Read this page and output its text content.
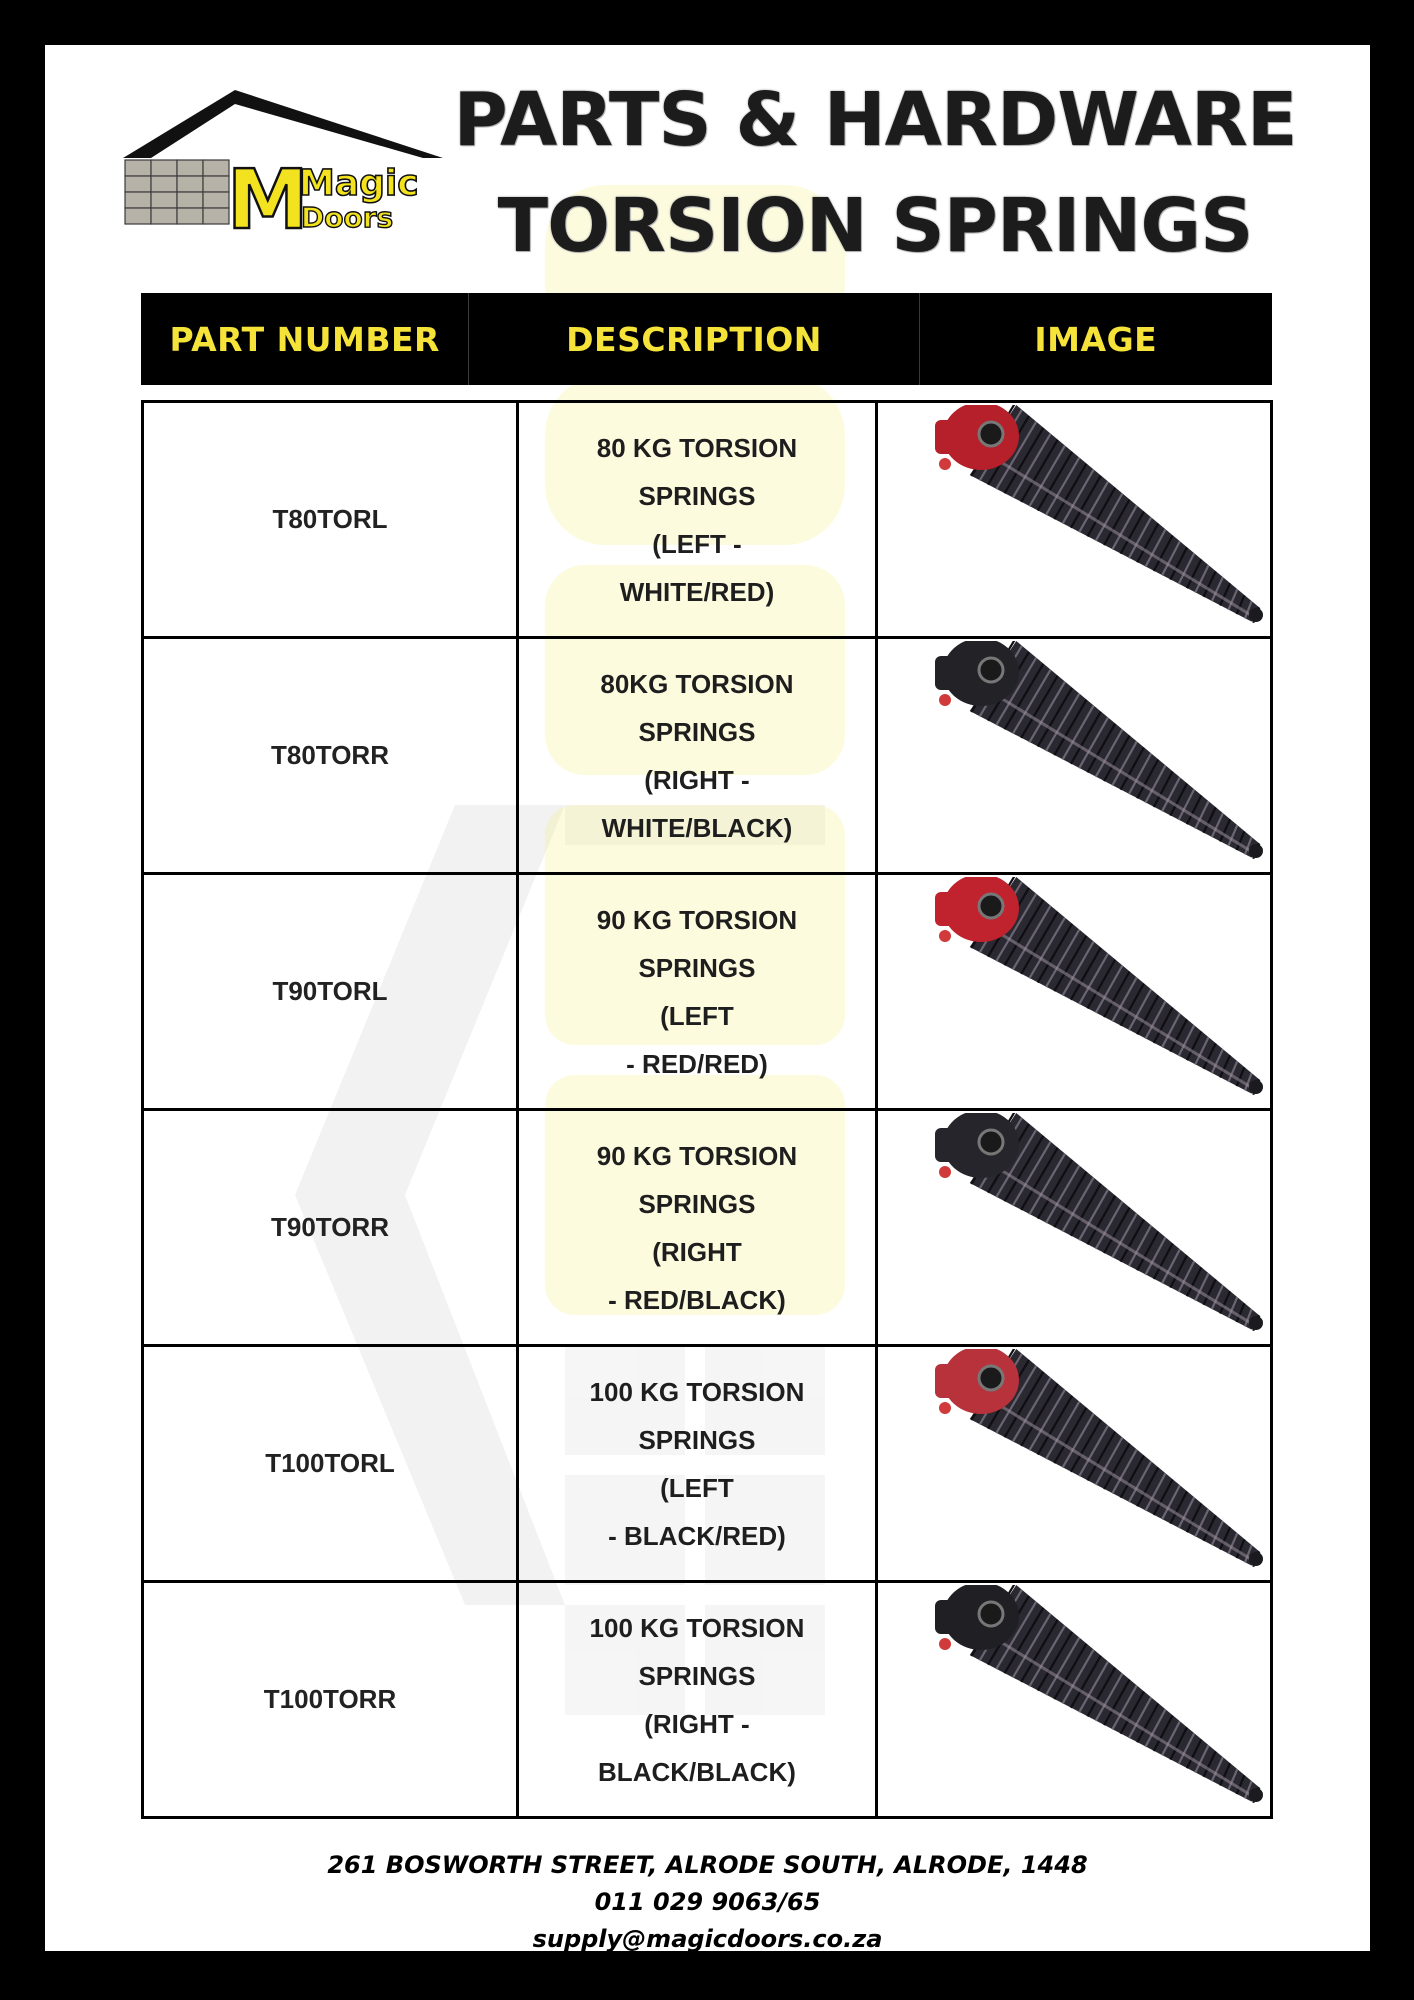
M
Magic
Doors
PARTS & HARDWARE
TORSION SPRINGS
PART NUMBER	DESCRIPTION	IMAGE
T80TORL	80 KG TORSION
SPRINGS
(LEFT -
WHITE/RED)

T80TORR	80KG TORSION
SPRINGS
(RIGHT -
WHITE/BLACK)

T90TORL	90 KG TORSION
SPRINGS
(LEFT
- RED/RED)

T90TORR	90 KG TORSION
SPRINGS
(RIGHT
- RED/BLACK)

T100TORL	100 KG TORSION
SPRINGS
(LEFT
- BLACK/RED)

T100TORR	100 KG TORSION
SPRINGS
(RIGHT -
BLACK/BLACK)

261 BOSWORTH STREET, ALRODE SOUTH, ALRODE, 1448
011 029 9063/65
supply@magicdoors.co.za
